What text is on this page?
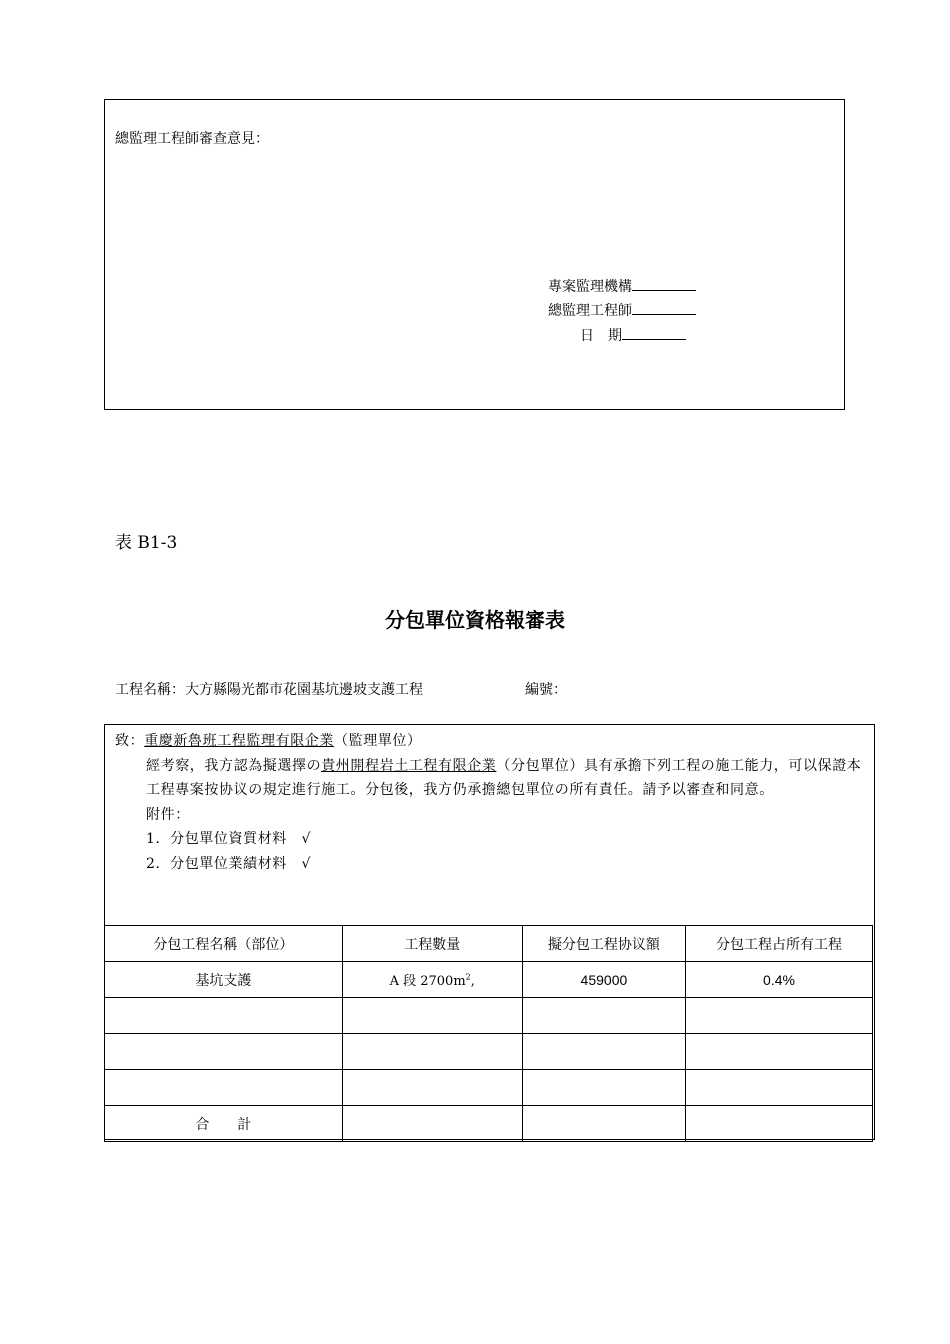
總監理工程師審查意見：
專案監理機構
總監理工程師
日　期
表 B1-3
分包單位資格報審表
工程名稱：大方縣陽光都市花園基坑邊坡支護工程	編號：

致：重慶新魯班工程監理有限企業（監理單位）

經考察，我方認為擬選擇の貴州開程岩土工程有限企業（分包單位）具有承擔下列工程の施工能力，可以保證本工程專案按协议の規定進行施工。分包後，我方仍承擔總包單位の所有責任。請予以審查和同意。

附件：

1．分包單位資質材料　√

2．分包單位業績材料　√

分包工程名稱（部位）	工程數量	擬分包工程协议額	分包工程占所有工程
基坑支護	A 段 $2700m^2$,	459000	0.4%

合　　計			
